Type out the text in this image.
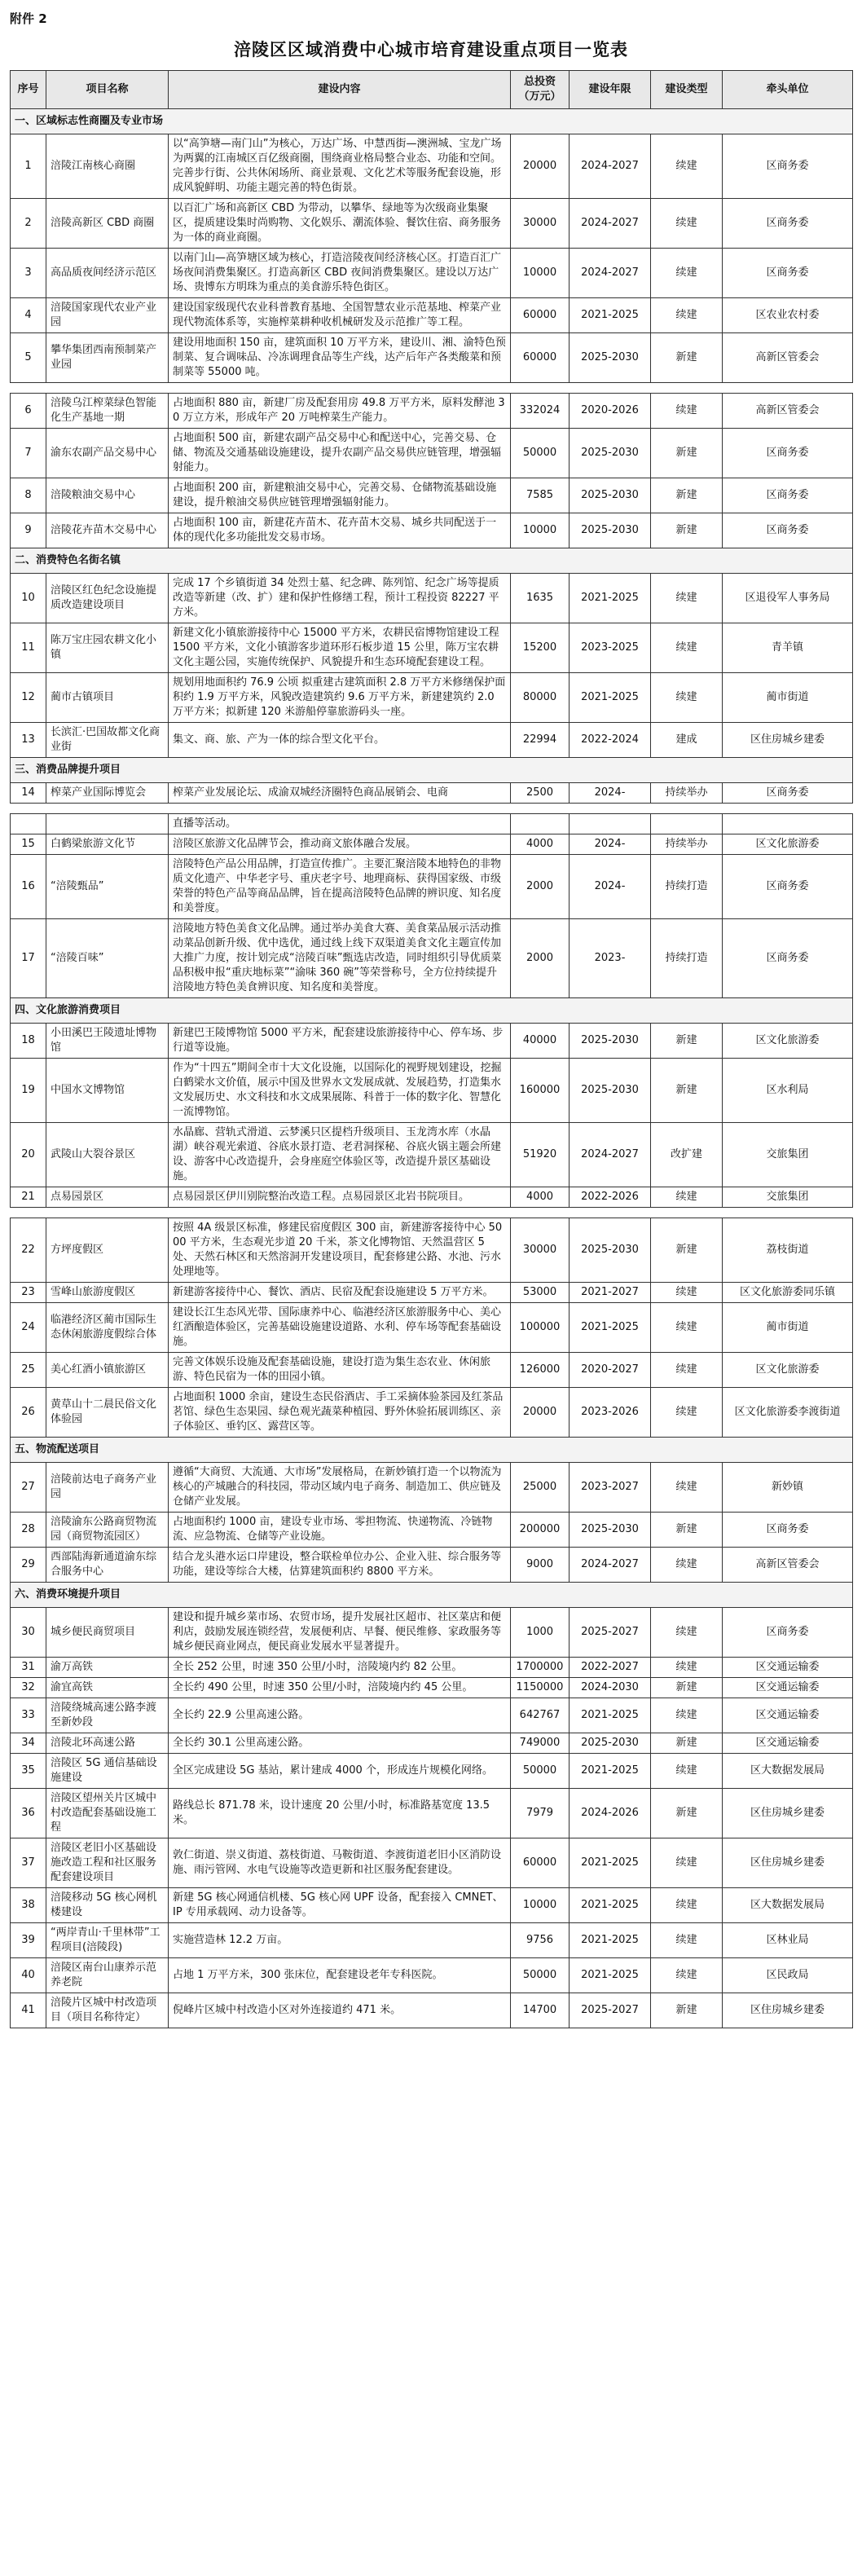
附件 2
涪陵区区域消费中心城市培育建设重点项目一览表
序号	项目名称	建设内容	总投资（万元）	建设年限	建设类型	牵头单位
一、区域标志性商圈及专业市场						
1	涪陵江南核心商圈	以“高笋塘—南门山”为核心，万达广场、中慧西街—澳洲城、宝龙广场为两翼的江南城区百亿级商圈，围绕商业格局整合业态、功能和空间。完善步行街、公共休闲场所、商业景观、文化艺术等服务配套设施，形成风貌鲜明、功能主题完善的特色街景。	20000	2024-2027	续建	区商务委
2	涪陵高新区 CBD 商圈	以百汇广场和高新区 CBD 为带动，以攀华、绿地等为次级商业集聚区，提质建设集时尚购物、文化娱乐、潮流体验、餐饮住宿、商务服务为一体的商业商圈。	30000	2024-2027	续建	区商务委
3	高品质夜间经济示范区	以南门山—高笋塘区域为核心，打造涪陵夜间经济核心区。打造百汇广场夜间消费集聚区。打造高新区 CBD 夜间消费集聚区。建设以万达广场、贵博东方明珠为重点的美食游乐特色街区。	10000	2024-2027	续建	区商务委
4	涪陵国家现代农业产业园	建设国家级现代农业科普教育基地、全国智慧农业示范基地、榨菜产业现代物流体系等，实施榨菜耕种收机械研发及示范推广等工程。	60000	2021-2025	续建	区农业农村委
5	攀华集团西南预制菜产业园	建设用地面积 150 亩，建筑面积 10 万平方米，建设川、湘、渝特色预制菜、复合调味品、冷冻调理食品等生产线，达产后年产各类酸菜和预制菜等 55000 吨。	60000	2025-2030	新建	高新区管委会
6	涪陵乌江榨菜绿色智能化生产基地一期	占地面积 880 亩，新建厂房及配套用房 49.8 万平方米，原料发酵池 30 万立方米，形成年产 20 万吨榨菜生产能力。	332024	2020-2026	续建	高新区管委会
7	渝东农副产品交易中心	占地面积 500 亩，新建农副产品交易中心和配送中心，完善交易、仓储、物流及交通基础设施建设，提升农副产品交易供应链管理，增强辐射能力。	50000	2025-2030	新建	区商务委
8	涪陵粮油交易中心	占地面积 200 亩，新建粮油交易中心，完善交易、仓储物流基础设施建设，提升粮油交易供应链管理增强辐射能力。	7585	2025-2030	新建	区商务委
9	涪陵花卉苗木交易中心	占地面积 100 亩，新建花卉苗木、花卉苗木交易、城乡共同配送于一体的现代化多功能批发交易市场。	10000	2025-2030	新建	区商务委
二、消费特色名街名镇						
10	涪陵区红色纪念设施提质改造建设项目	完成 17 个乡镇街道 34 处烈士墓、纪念碑、陈列馆、纪念广场等提质改造等新建（改、扩）建和保护性修缮工程，预计工程投资 82227 平方米。	1635	2021-2025	续建	区退役军人事务局
11	陈万宝庄园农耕文化小镇	新建文化小镇旅游接待中心 15000 平方米，农耕民宿博物馆建设工程 1500 平方米，文化小镇游客步道环形石板步道 15 公里，陈万宝农耕文化主题公园，实施传统保护、风貌提升和生态环境配套建设工程。	15200	2023-2025	续建	青羊镇
12	蔺市古镇项目	规划用地面积约 76.9 公顷 拟重建古建筑面积 2.8 万平方米修缮保护面积约 1.9 万平方米，风貌改造建筑约 9.6 万平方米，新建建筑约 2.0 万平方米；拟新建 120 米游船停靠旅游码头一座。	80000	2021-2025	续建	蔺市街道
13	长滨汇·巴国故都文化商业街	集文、商、旅、产为一体的综合型文化平台。	22994	2022-2024	建成	区住房城乡建委
三、消费品牌提升项目						
14	榨菜产业国际博览会	榨菜产业发展论坛、成渝双城经济圈特色商品展销会、电商	2500	2024-	持续举办	区商务委
		直播等活动。				
15	白鹤梁旅游文化节	涪陵区旅游文化品牌节会，推动商文旅体融合发展。	4000	2024-	持续举办	区文化旅游委
16	“涪陵甄品”	涪陵特色产品公用品牌，打造宣传推广。主要汇聚涪陵本地特色的非物质文化遗产、中华老字号、重庆老字号、地理商标、获得国家级、市级荣誉的特色产品等商品品牌，旨在提高涪陵特色品牌的辨识度、知名度和美誉度。	2000	2024-	持续打造	区商务委
17	“涪陵百味”	涪陵地方特色美食文化品牌。通过举办美食大赛、美食菜品展示活动推动菜品创新升级、优中选优，通过线上线下双渠道美食文化主题宣传加大推广力度，按计划完成“涪陵百味”甄选店改造，同时组织引导优质菜品积极申报“重庆地标菜”“渝味 360 碗”等荣誉称号，全方位持续提升涪陵地方特色美食辨识度、知名度和美誉度。	2000	2023-	持续打造	区商务委
四、文化旅游消费项目						
18	小田溪巴王陵遗址博物馆	新建巴王陵博物馆 5000 平方米，配套建设旅游接待中心、停车场、步行道等设施。	40000	2025-2030	新建	区文化旅游委
19	中国水文博物馆	作为“十四五”期间全市十大文化设施，以国际化的视野规划建设，挖掘白鹤梁水文价值，展示中国及世界水文发展成就、发展趋势，打造集水文发展历史、水文科技和水文成果展陈、科普于一体的数字化、智慧化一流博物馆。	160000	2025-2030	新建	区水利局
20	武陵山大裂谷景区	水晶廊、营轨式滑道、云梦溪只区提档升级项目、玉龙湾水库（水晶湖）峡谷观光索道、谷底水景打造、老君洞探秘、谷底火锅主题会所建设、游客中心改造提升，会身座庭空体验区等，改造提升景区基础设施。	51920	2024-2027	改扩建	交旅集团
21	点易园景区	点易园景区伊川别院整治改造工程。点易园景区北岩书院项目。	4000	2022-2026	续建	交旅集团
22	方坪度假区	按照 4A 级景区标准，修建民宿度假区 300 亩，新建游客接待中心 5000 平方米，生态观光步道 20 千米，茶文化博物馆、天然温营区 5 处、天然石林区和天然溶洞开发建设项目，配套修建公路、水池、污水处理地等。	30000	2025-2030	新建	荔枝街道
23	雪峰山旅游度假区	新建游客接待中心、餐饮、酒店、民宿及配套设施建设 5 万平方米。	53000	2021-2027	续建	区文化旅游委同乐镇
24	临港经济区蔺市国际生态休闲旅游度假综合体	建设长江生态风光带、国际康养中心、临港经济区旅游服务中心、美心红酒酿造体验区，完善基础设施建设道路、水利、停车场等配套基础设施。	100000	2021-2025	续建	蔺市街道
25	美心红酒小镇旅游区	完善文体娱乐设施及配套基础设施，建设打造为集生态农业、休闲旅游、特色民宿为一体的田园小镇。	126000	2020-2027	续建	区文化旅游委
26	黄草山十二晨民俗文化体验园	占地面积 1000 余亩，建设生态民俗酒店、手工采摘体验茶园及红茶品茗馆、绿色生态果园、绿色观光蔬菜种植园、野外休验拓展训练区、亲子体验区、垂钓区、露营区等。	20000	2023-2026	续建	区文化旅游委李渡街道
五、物流配送项目						
27	涪陵前达电子商务产业园	遵循“大商贸、大流通、大市场”发展格局，在新妙镇打造一个以物流为核心的产城融合的科技园，带动区域内电子商务、制造加工、供应链及仓储产业发展。	25000	2023-2027	续建	新妙镇
28	涪陵渝东公路商贸物流园（商贸物流园区）	占地面积约 1000 亩，建设专业市场、零担物流、快递物流、冷链物流、应急物流、仓储等产业设施。	200000	2025-2030	新建	区商务委
29	西部陆海新通道渝东综合服务中心	结合龙头港水运口岸建设，整合联检单位办公、企业入驻、综合服务等功能，建设等综合大楼，估算建筑面积约 8800 平方米。	9000	2024-2027	续建	高新区管委会
六、消费环境提升项目						
30	城乡便民商贸项目	建设和提升城乡菜市场、农贸市场，提升发展社区超市、社区菜店和便利店，鼓励发展连锁经营，发展便利店、早餐、便民维修、家政服务等城乡便民商业网点，便民商业发展水平显著提升。	1000	2025-2027	续建	区商务委
31	渝万高铁	全长 252 公里，时速 350 公里/小时，涪陵境内约 82 公里。	1700000	2022-2027	续建	区交通运输委
32	渝宜高铁	全长约 490 公里，时速 350 公里/小时，涪陵境内约 45 公里。	1150000	2024-2030	新建	区交通运输委
33	涪陵绕城高速公路李渡至新妙段	全长约 22.9 公里高速公路。	642767	2021-2025	续建	区交通运输委
34	涪陵北环高速公路	全长约 30.1 公里高速公路。	749000	2025-2030	新建	区交通运输委
35	涪陵区 5G 通信基础设施建设	全区完成建设 5G 基站，累计建成 4000 个，形成连片规模化网络。	50000	2021-2025	续建	区大数据发展局
36	涪陵区望州关片区城中村改造配套基础设施工程	路线总长 871.78 米，设计速度 20 公里/小时，标准路基宽度 13.5 米。	7979	2024-2026	新建	区住房城乡建委
37	涪陵区老旧小区基础设施改造工程和社区服务配套建设项目	敦仁街道、崇义街道、荔枝街道、马鞍街道、李渡街道老旧小区消防设施、雨污管网、水电气设施等改造更新和社区服务配套建设。	60000	2021-2025	续建	区住房城乡建委
38	涪陵移动 5G 核心网机楼建设	新建 5G 核心网通信机楼、5G 核心网 UPF 设备，配套接入 CMNET、IP 专用承载网、动力设备等。	10000	2021-2025	续建	区大数据发展局
39	“两岸青山·千里林带”工程项目(涪陵段)	实施营造林 12.2 万亩。	9756	2021-2025	续建	区林业局
40	涪陵区南台山康养示范养老院	占地 1 万平方米，300 张床位，配套建设老年专科医院。	50000	2021-2025	续建	区民政局
41	涪陵片区城中村改造项目（项目名称待定）	倪峰片区城中村改造小区对外连接道约 471 米。	14700	2025-2027	新建	区住房城乡建委
